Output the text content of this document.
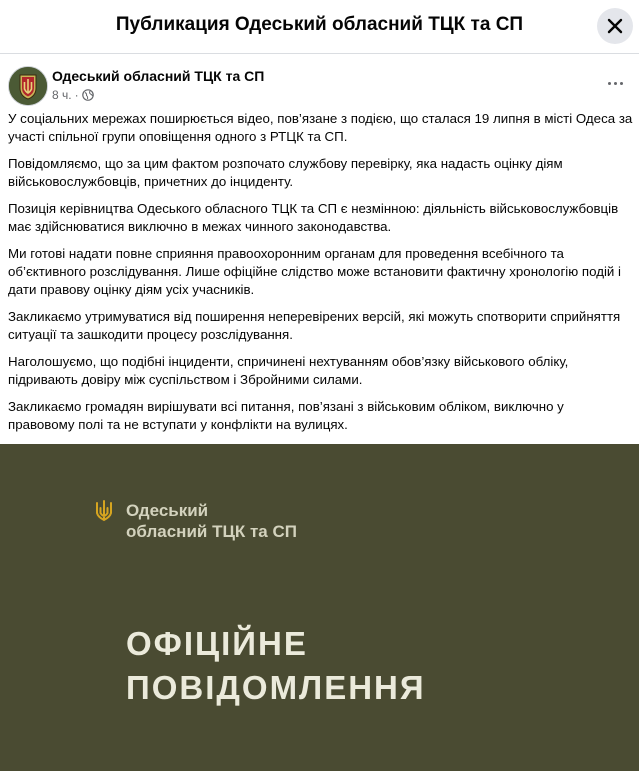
Публикация Одеський обласний ТЦК та СП
Одеський обласний ТЦК та СП
8 ч. ·

У соціальних мережах поширюється відео, пов’язане з подією, що сталася 19 липня в місті Одеса за участі спільної групи оповіщення одного з РТЦК та СП.

Повідомляємо, що за цим фактом розпочато службову перевірку, яка надасть оцінку діям військовослужбовців, причетних до інциденту.

Позиція керівництва Одеського обласного ТЦК та СП є незмінною: діяльність військовослужбовців має здійснюватися виключно в межах чинного законодавства.

Ми готові надати повне сприяння правоохоронним органам для проведення всебічного та об’єктивного розслідування. Лише офіційне слідство може встановити фактичну хронологію подій і дати правову оцінку діям усіх учасників.

Закликаємо утримуватися від поширення неперевірених версій, які можуть спотворити сприйняття ситуації та зашкодити процесу розслідування.

Наголошуємо, що подібні інциденти, спричинені нехтуванням обов’язку військового обліку, підривають довіру між суспільством і Збройними силами.

Закликаємо громадян вирішувати всі питання, пов’язані з військовим обліком, виключно у правовому полі та не вступати у конфлікти на вулицях.

Одеський
обласний ТЦК та СП
ОФІЦІЙНЕ
ПОВІДОМЛЕННЯ
